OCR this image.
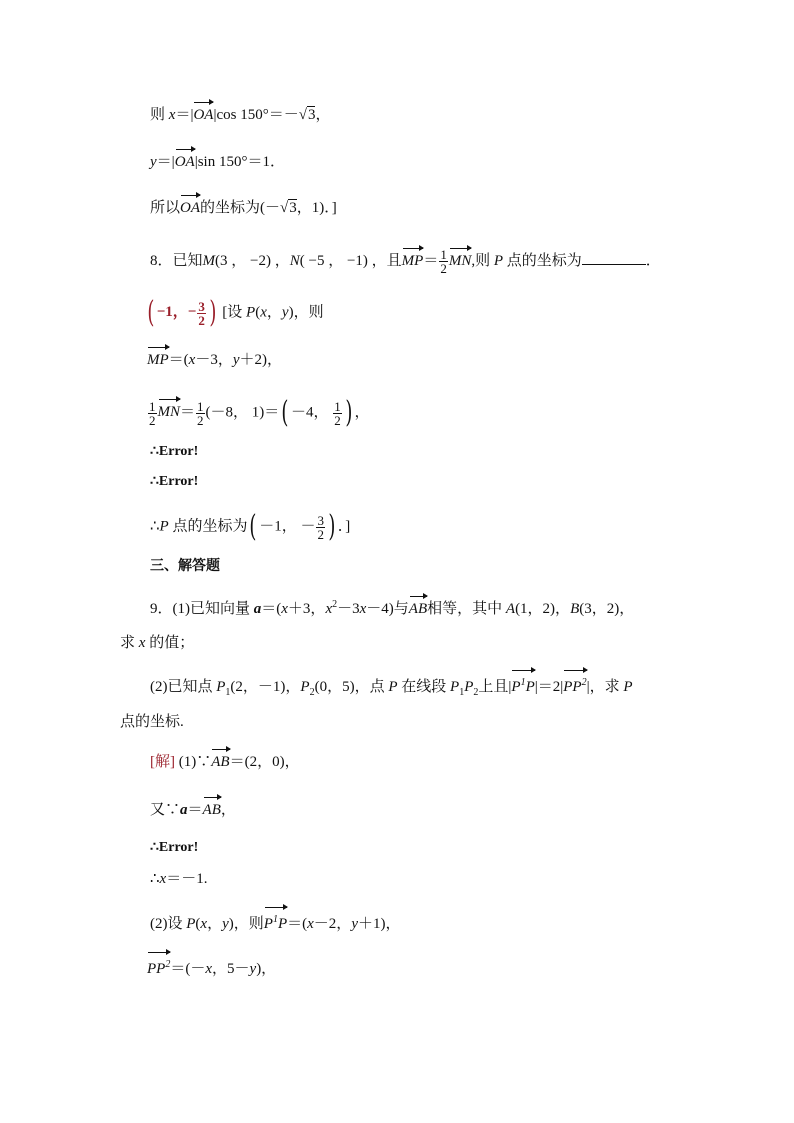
则 x＝|OA|cos 150°＝－√3，
y＝|OA|sin 150°＝1．
所以OA的坐标为(－√3，1)．]
8．已知M(3 ， −2) ，N( −5 ， −1) ，且$MP= \frac{1}{2}$ MN,则 P 点的坐标为	．
( −1，− $\frac{3}{2}$ ) [设 P(x，y)，则
MP＝(x－3，y＋2)，
$\frac{1}{2} MN= \frac{1}{2} (-8$， 1)＝( －4， $\frac{1}{2}$ ) ，
∴Error!
∴Error!
∴P 点的坐标为( －1， － $\frac{3}{2}$ ) ．]
三、解答题
9．(1)已知向量 a＝(x＋3，$x^2-3x-4$)与AB相等，其中 A(1，2)，B(3，2)，
求 x 的值；
(2)已知点 $P_1(2$，－1)，$P_2(0$，5)，点 P 在线段 $P_1P_2$上且$|P^1P|=2|PP^2|$，求 P
点的坐标.
[解] (1)∵AB＝(2，0)，
又∵a＝AB，
∴Error!
∴x＝－1.
(2)设 P(x，y)，则$P^1P=(x-2$，y＋1)，
$PP^2=(-x$，5－y)，
